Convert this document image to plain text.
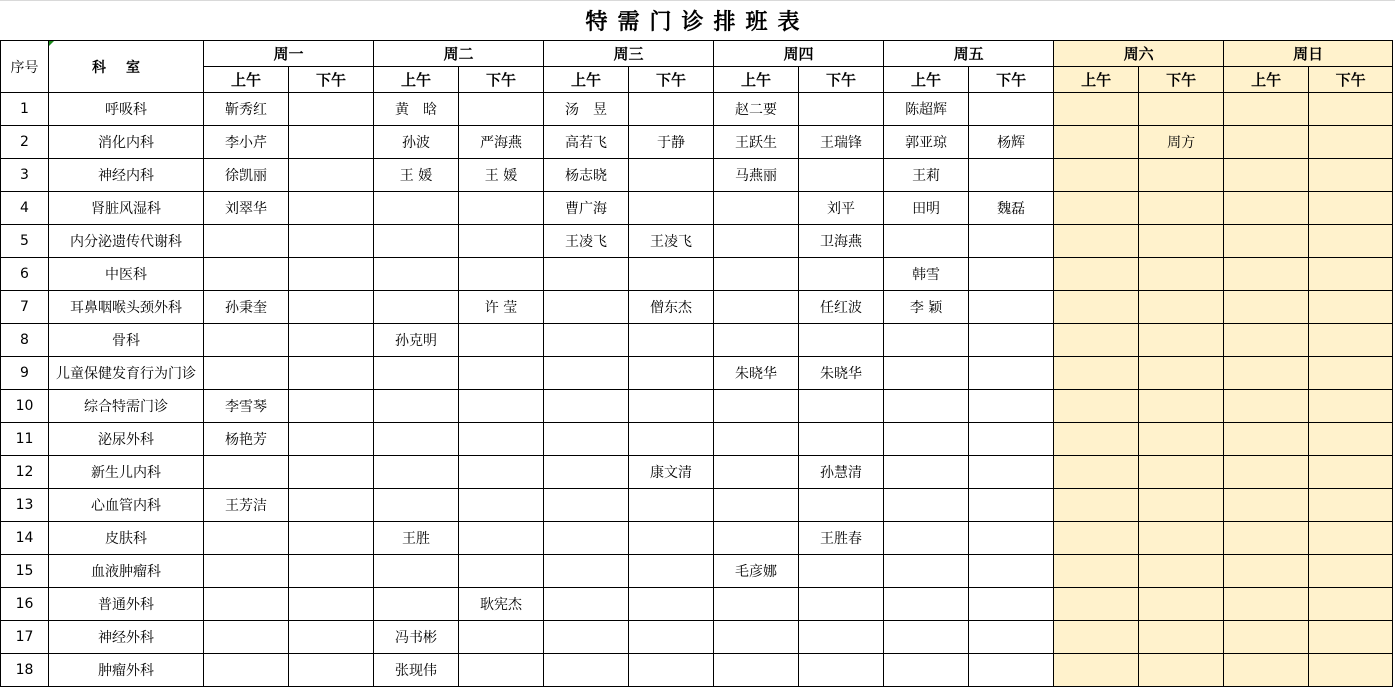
特需门诊排班表
序号	科室	周一		周二		周三		周四		周五		周六		周日	
		上午	下午	上午	下午	上午	下午	上午	下午	上午	下午	上午	下午	上午	下午
1	呼吸科	靳秀红		黄　晗		汤　昱		赵二要		陈超辉					
2	消化内科	李小芹		孙波	严海燕	高若飞	于静	王跃生	王瑞锋	郭亚琼	杨辉		周方		
3	神经内科	徐凯丽		王 媛	王 媛	杨志晓		马燕丽		王莉					
4	肾脏风湿科	刘翠华				曹广海			刘平	田明	魏磊				
5	内分泌遗传代谢科					王凌飞	王凌飞		卫海燕						
6	中医科									韩雪					
7	耳鼻咽喉头颈外科	孙秉奎			许 莹		僧东杰		任红波	李 颖					
8	骨科			孙克明											
9	儿童保健发育行为门诊							朱晓华	朱晓华						
10	综合特需门诊	李雪琴													
11	泌尿外科	杨艳芳													
12	新生儿内科						康文清		孙慧清						
13	心血管内科	王芳洁													
14	皮肤科			王胜					王胜春						
15	血液肿瘤科							毛彦娜							
16	普通外科				耿宪杰										
17	神经外科			冯书彬											
18	肿瘤外科			张现伟											
